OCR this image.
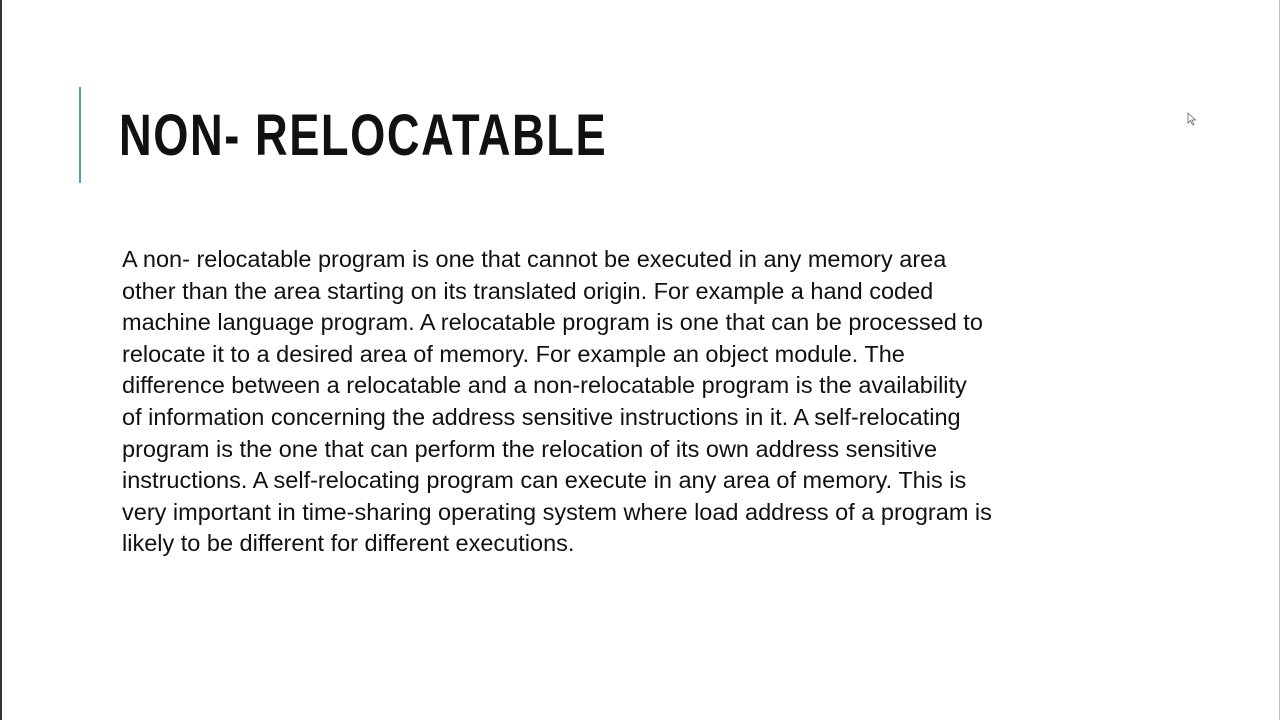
NON- RELOCATABLE
A non- relocatable program is one that cannot be executed in any memory area
other than the area starting on its translated origin. For example a hand coded
machine language program. A relocatable program is one that can be processed to
relocate it to a desired area of memory. For example an object module. The
difference between a relocatable and a non-relocatable program is the availability
of information concerning the address sensitive instructions in it. A self-relocating
program is the one that can perform the relocation of its own address sensitive
instructions. A self-relocating program can execute in any area of memory. This is
very important in time-sharing operating system where load address of a program is
likely to be different for different executions.
